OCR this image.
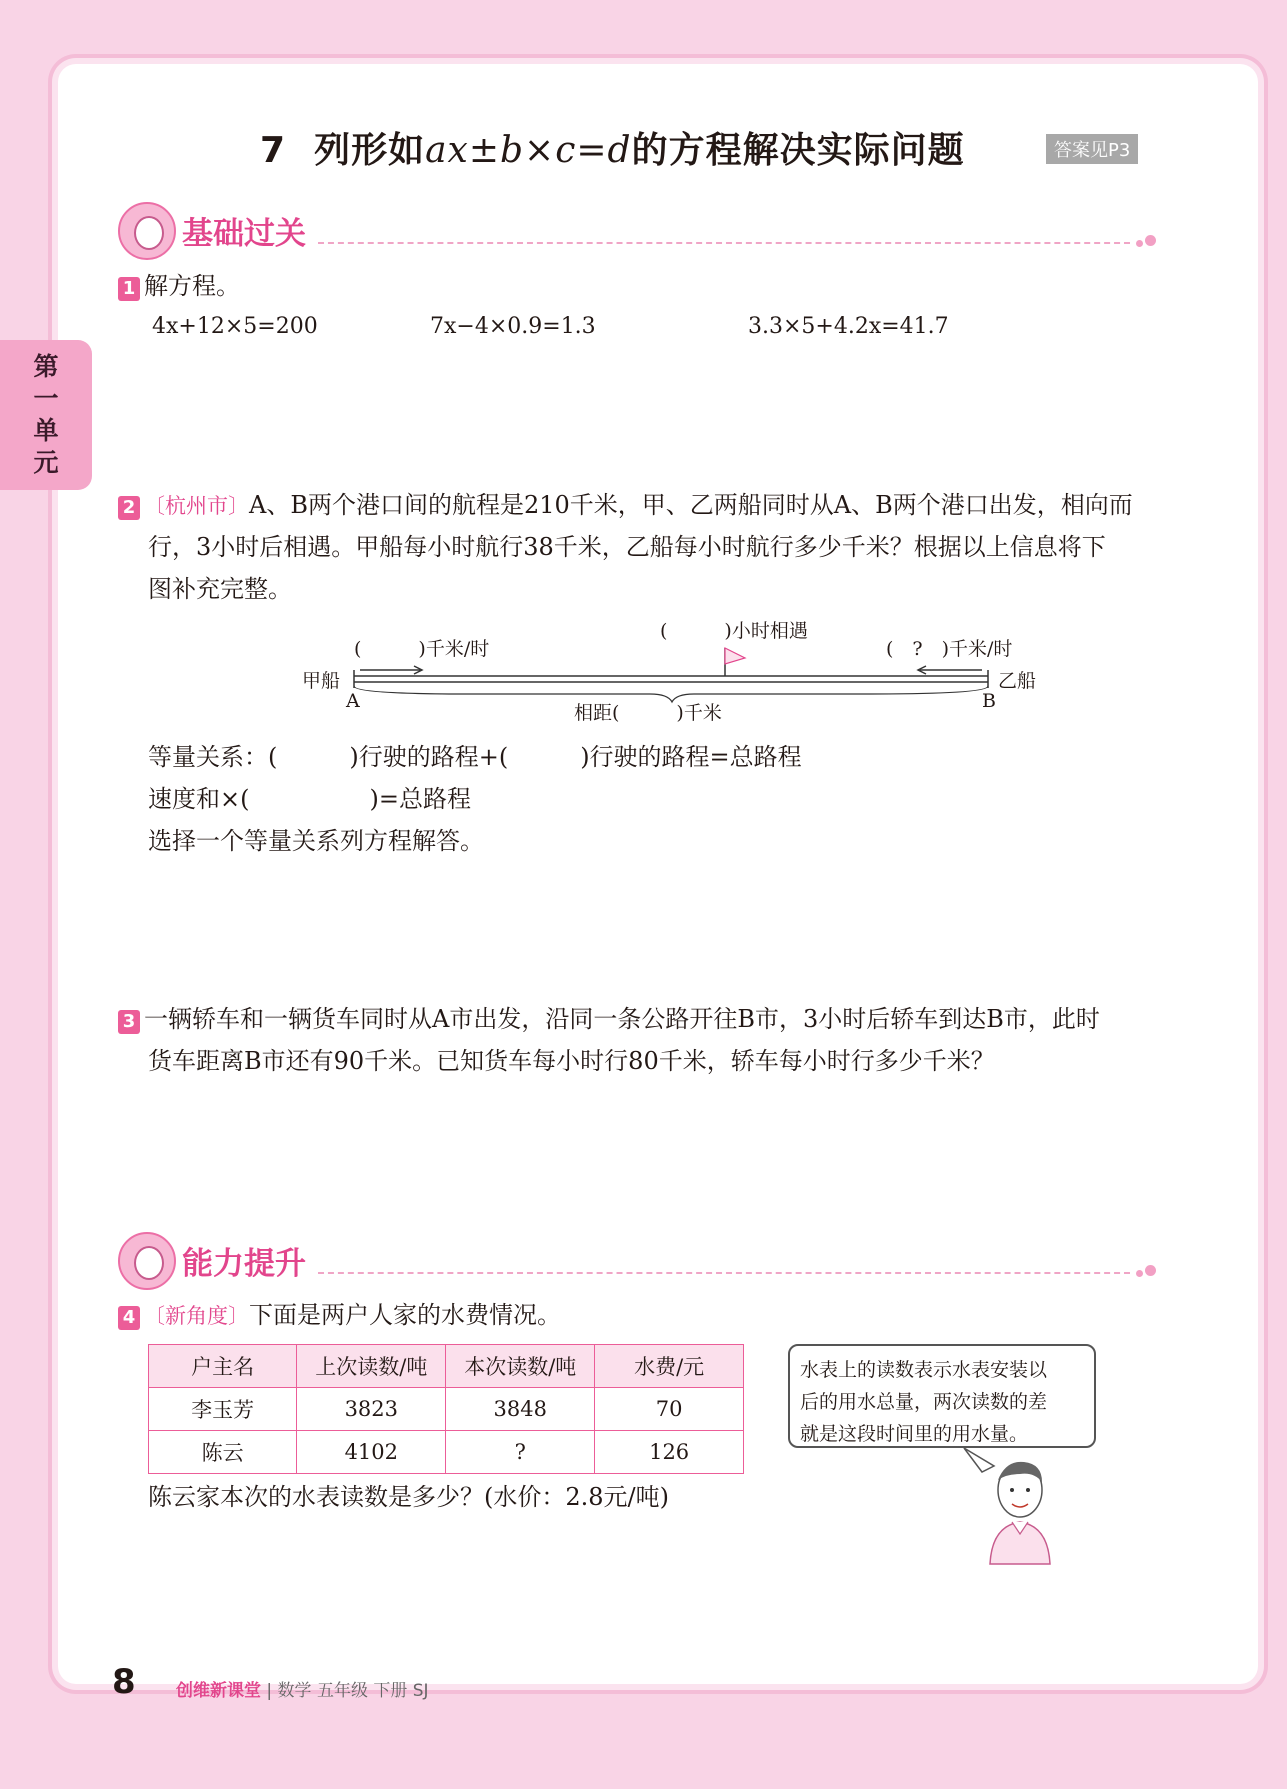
第
一
单
元
7 列形如ax±b×c=d的方程解决实际问题	答案见P3
基础过关
1 解方程。
4x+12×5=200	7x−4×0.9=1.3	3.3×5+4.2x=41.7
2 〔杭州市〕A、B两个港口间的航程是210千米，甲、乙两船同时从A、B两个港口出发，相向而
行，3小时后相遇。甲船每小时航行38千米，乙船每小时航行多少千米？根据以上信息将下
图补充完整。
(　　　)千米/时
(　　　)小时相遇
(　?　)千米/时
甲船	乙船
A	B
相距(　　　)千米
等量关系：(　　　)行驶的路程+(　　　)行驶的路程=总路程
速度和×(　　　　　)=总路程
选择一个等量关系列方程解答。
3 一辆轿车和一辆货车同时从A市出发，沿同一条公路开往B市，3小时后轿车到达B市，此时
货车距离B市还有90千米。已知货车每小时行80千米，轿车每小时行多少千米？
能力提升
4 〔新角度〕下面是两户人家的水费情况。
户主名	上次读数/吨	本次读数/吨	水费/元
李玉芳	3823	3848	70
陈云	4102	?	126
陈云家本次的水表读数是多少？(水价：2.8元/吨)
水表上的读数表示水表安装以
后的用水总量，两次读数的差
就是这段时间里的用水量。
8 创维新课堂 | 数学 五年级 下册 SJ
